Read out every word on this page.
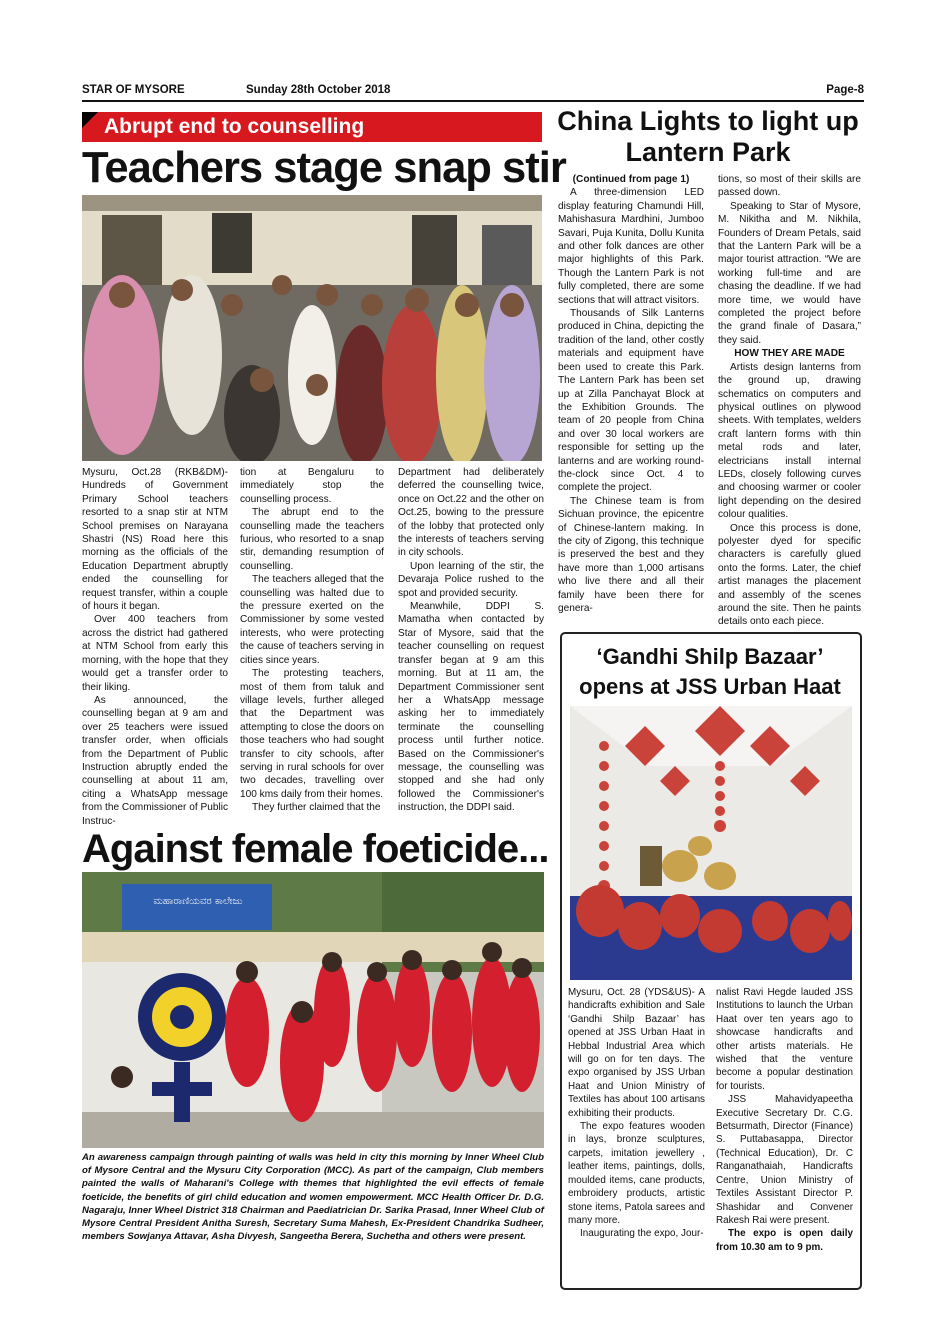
STAR OF MYSORE	Sunday 28th October 2018	Page-8
Abrupt end to counselling
Teachers stage snap stir

Mysuru, Oct.28 (RKB&DM)- Hundreds of Government Primary School teachers resorted to a snap stir at NTM School premises on Narayana Shastri (NS) Road here this morning as the officials of the Education Department abruptly ended the counselling for request transfer, within a couple of hours it began.

Over 400 teachers from across the district had gathered at NTM School from early this morning, with the hope that they would get a transfer order to their liking.

As announced, the counselling began at 9 am and over 25 teachers were issued transfer order, when officials from the Department of Public Instruction abruptly ended the counselling at about 11 am, citing a WhatsApp message from the Commissioner of Public Instruc-

tion at Bengaluru to immediately stop the counselling process.

The abrupt end to the counselling made the teachers furious, who resorted to a snap stir, demanding resumption of counselling.

The teachers alleged that the counselling was halted due to the pressure exerted on the Commissioner by some vested interests, who were protecting the cause of teachers serving in cities since years.

The protesting teachers, most of them from taluk and village levels, further alleged that the Department was attempting to close the doors on those teachers who had sought transfer to city schools, after serving in rural schools for over two decades, travelling over 100 kms daily from their homes.

They further claimed that the

Department had deliberately deferred the counselling twice, once on Oct.22 and the other on Oct.25, bowing to the pressure of the lobby that protected only the interests of teachers serving in city schools.

Upon learning of the stir, the Devaraja Police rushed to the spot and provided security.

Meanwhile, DDPI S. Mamatha when contacted by Star of Mysore, said that the teacher counselling on request transfer began at 9 am this morning. But at 11 am, the Department Commissioner sent her a WhatsApp message asking her to immediately terminate the counselling process until further notice. Based on the Commissioner's message, the counselling was stopped and she had only followed the Commissioner's instruction, the DDPI said.

Against female foeticide...
ಮಹಾರಾಣಿಯವರ ಕಾಲೇಜು
An awareness campaign through painting of walls was held in city this morning by Inner Wheel Club of Mysore Central and the Mysuru City Corporation (MCC). As part of the campaign, Club members painted the walls of Maharani's College with themes that highlighted the evil effects of female foeticide, the benefits of girl child education and women empowerment. MCC Health Officer Dr. D.G. Nagaraju, Inner Wheel District 318 Chairman and Paediatrician Dr. Sarika Prasad, Inner Wheel Club of Mysore Central President Anitha Suresh, Secretary Suma Mahesh, Ex-President Chandrika Sudheer, members Sowjanya Attavar, Asha Divyesh, Sangeetha Berera, Suchetha and others were present.
China Lights to light up Lantern Park

(Continued from page 1)

A three-dimension LED display featuring Chamundi Hill, Mahishasura Mardhini, Jumboo Savari, Puja Kunita, Dollu Kunita and other folk dances are other major highlights of this Park. Though the Lantern Park is not fully completed, there are some sections that will attract visitors.

Thousands of Silk Lanterns produced in China, depicting the tradition of the land, other costly materials and equipment have been used to create this Park. The Lantern Park has been set up at Zilla Panchayat Block at the Exhibition Grounds. The team of 20 people from China and over 30 local workers are responsible for setting up the lanterns and are working round-the-clock since Oct. 4 to complete the project.

The Chinese team is from Sichuan province, the epicentre of Chinese-lantern making. In the city of Zigong, this technique is preserved the best and they have more than 1,000 artisans who live there and all their family have been there for genera-

tions, so most of their skills are passed down.

Speaking to Star of Mysore, M. Nikitha and M. Nikhila, Founders of Dream Petals, said that the Lantern Park will be a major tourist attraction. “We are working full-time and are chasing the deadline. If we had more time, we would have completed the project before the grand finale of Dasara,” they said.

HOW THEY ARE MADE

Artists design lanterns from the ground up, drawing schematics on computers and physical outlines on plywood sheets. With templates, welders craft lantern forms with thin metal rods and later, electricians install internal LEDs, closely following curves and choosing warmer or cooler light depending on the desired colour qualities.

Once this process is done, polyester dyed for specific characters is carefully glued onto the forms. Later, the chief artist manages the placement and assembly of the scenes around the site. Then he paints details onto each piece.

‘Gandhi Shilp Bazaar’
opens at JSS Urban Haat

Mysuru, Oct. 28 (YDS&US)- A handicrafts exhibition and Sale ‘Gandhi Shilp Bazaar’ has opened at JSS Urban Haat in Hebbal Industrial Area which will go on for ten days. The expo organised by JSS Urban Haat and Union Ministry of Textiles has about 100 artisans exhibiting their products.

The expo features wooden in lays, bronze sculptures, carpets, imitation jewellery , leather items, paintings, dolls, moulded items, cane products, embroidery products, artistic stone items, Patola sarees and many more.

Inaugurating the expo, Jour-

nalist Ravi Hegde lauded JSS Institutions to launch the Urban Haat over ten years ago to showcase handicrafts and other artists materials. He wished that the venture become a popular destination for tourists.

JSS Mahavidyapeetha Executive Secretary Dr. C.G. Betsurmath, Director (Finance) S. Puttabasappa, Director (Technical Education), Dr. C Ranganathaiah, Handicrafts Centre, Union Ministry of Textiles Assistant Director P. Shashidar and Convener Rakesh Rai were present.

The expo is open daily from 10.30 am to 9 pm.
